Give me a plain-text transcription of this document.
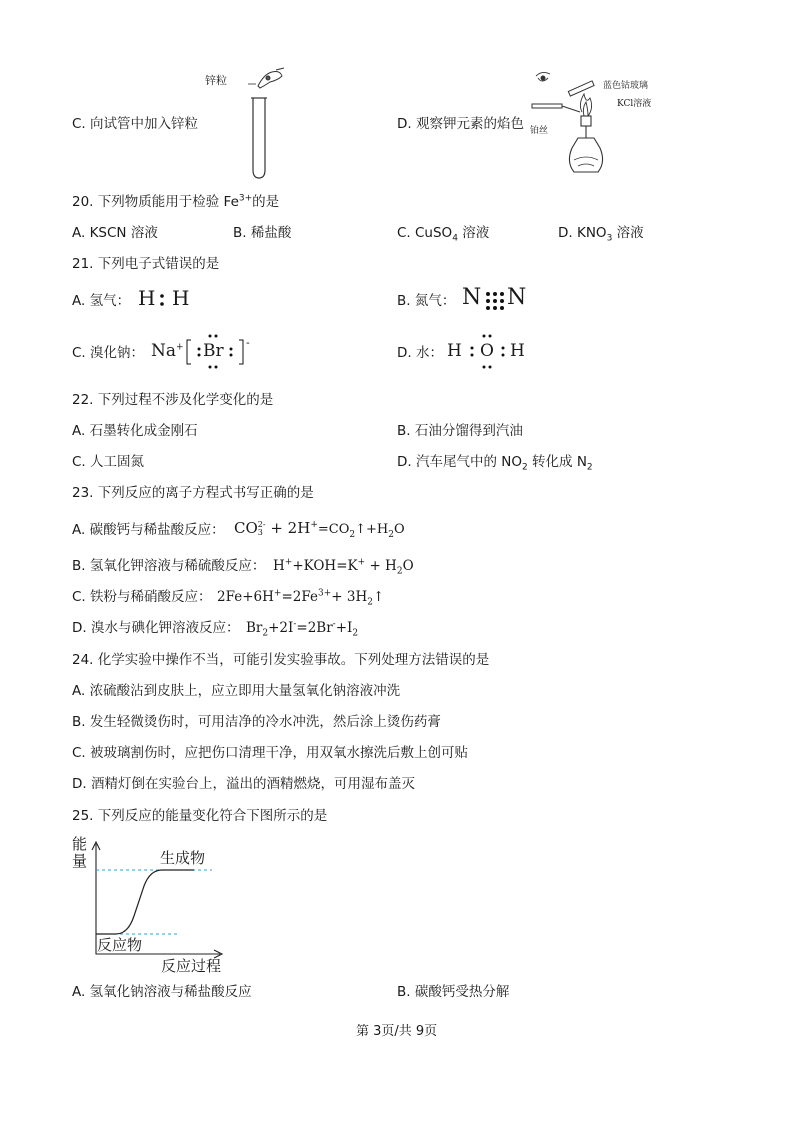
C. 向试管中加入锌粒
锌粒
D. 观察钾元素的焰色
蓝色钴玻璃
KCl溶液
铂丝
20. 下列物质能用于检验 $Fe^{3+}$的是
A. KSCN 溶液	B. 稀盐酸	C. CuSO$_4$ 溶液	D. $KNO_3$ 溶液
21. 下列电子式错误的是
A. 氢气： H H	B. 氮气： N N
C. 溴化钠： Na+ Br -
D. 水： H O H
22. 下列过程不涉及化学变化的是
A. 石墨转化成金刚石	B. 石油分馏得到汽油
C. 人工固氮	D. 汽车尾气中的 $NO_2$ 转化成 $N_2$
23. 下列反应的离子方程式书写正确的是
A. 碳酸钙与稀盐酸反应： CO2-
$3 + 2H^+=CO_2↑+H_2O$
B. 氢氧化钾溶液与稀硫酸反应： $H^++KOH=K^+ + H_2O$
C. 铁粉与稀硝酸反应： $2Fe+6H^+=2Fe^{3+}+$ $3H_2↑$
D. 溴水与碘化钾溶液反应： $Br_2+2I^-=2Br^-+I_2$
24. 化学实验中操作不当，可能引发实验事故。下列处理方法错误的是
A. 浓硫酸沾到皮肤上，应立即用大量氢氧化钠溶液冲洗
B. 发生轻微烫伤时，可用洁净的冷水冲洗，然后涂上烫伤药膏
C. 被玻璃割伤时，应把伤口清理干净，用双氧水擦洗后敷上创可贴
D. 酒精灯倒在实验台上，溢出的酒精燃烧，可用湿布盖灭
25. 下列反应的能量变化符合下图所示的是
能
量	生成物
反应物
反应过程
A. 氢氧化钠溶液与稀盐酸反应	B. 碳酸钙受热分解
第 3页/共 9页
